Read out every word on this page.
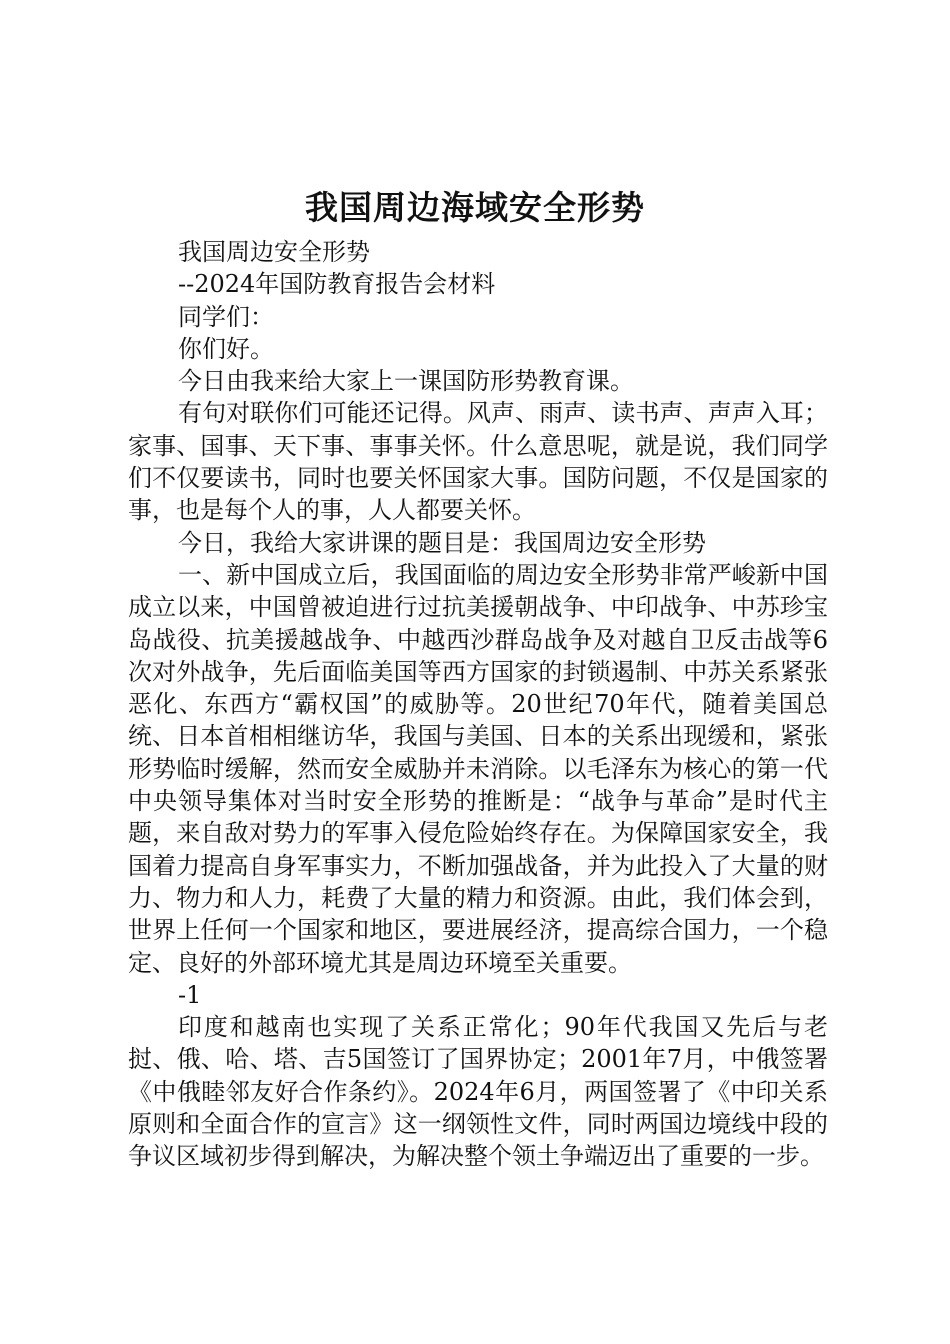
我国周边海域安全形势

我国周边安全形势

--2024年国防教育报告会材料

同学们：

你们好。

今日由我来给大家上一课国防形势教育课。

有句对联你们可能还记得。风声、雨声、读书声、声声入耳；家事、国事、天下事、事事关怀。什么意思呢，就是说，我们同学们不仅要读书，同时也要关怀国家大事。国防问题，不仅是国家的事，也是每个人的事，人人都要关怀。

今日，我给大家讲课的题目是：我国周边安全形势

一、新中国成立后，我国面临的周边安全形势非常严峻新中国成立以来，中国曾被迫进行过抗美援朝战争、中印战争、中苏珍宝岛战役、抗美援越战争、中越西沙群岛战争及对越自卫反击战等6次对外战争，先后面临美国等西方国家的封锁遏制、中苏关系紧张恶化、东西方“霸权国”的威胁等。20世纪70年代，随着美国总统、日本首相相继访华，我国与美国、日本的关系出现缓和，紧张形势临时缓解，然而安全威胁并未消除。以毛泽东为核心的第一代中央领导集体对当时安全形势的推断是：“战争与革命”是时代主题，来自敌对势力的军事入侵危险始终存在。为保障国家安全，我国着力提高自身军事实力，不断加强战备，并为此投入了大量的财力、物力和人力，耗费了大量的精力和资源。由此，我们体会到，世界上任何一个国家和地区，要进展经济，提高综合国力，一个稳定、良好的外部环境尤其是周边环境至关重要。

-1

印度和越南也实现了关系正常化；90年代我国又先后与老挝、俄、哈、塔、吉5国签订了国界协定；2001年7月，中俄签署《中俄睦邻友好合作条约》。2024年6月，两国签署了《中印关系原则和全面合作的宣言》这一纲领性文件，同时两国边境线中段的争议区域初步得到解决，为解决整个领土争端迈出了重要的一步。
